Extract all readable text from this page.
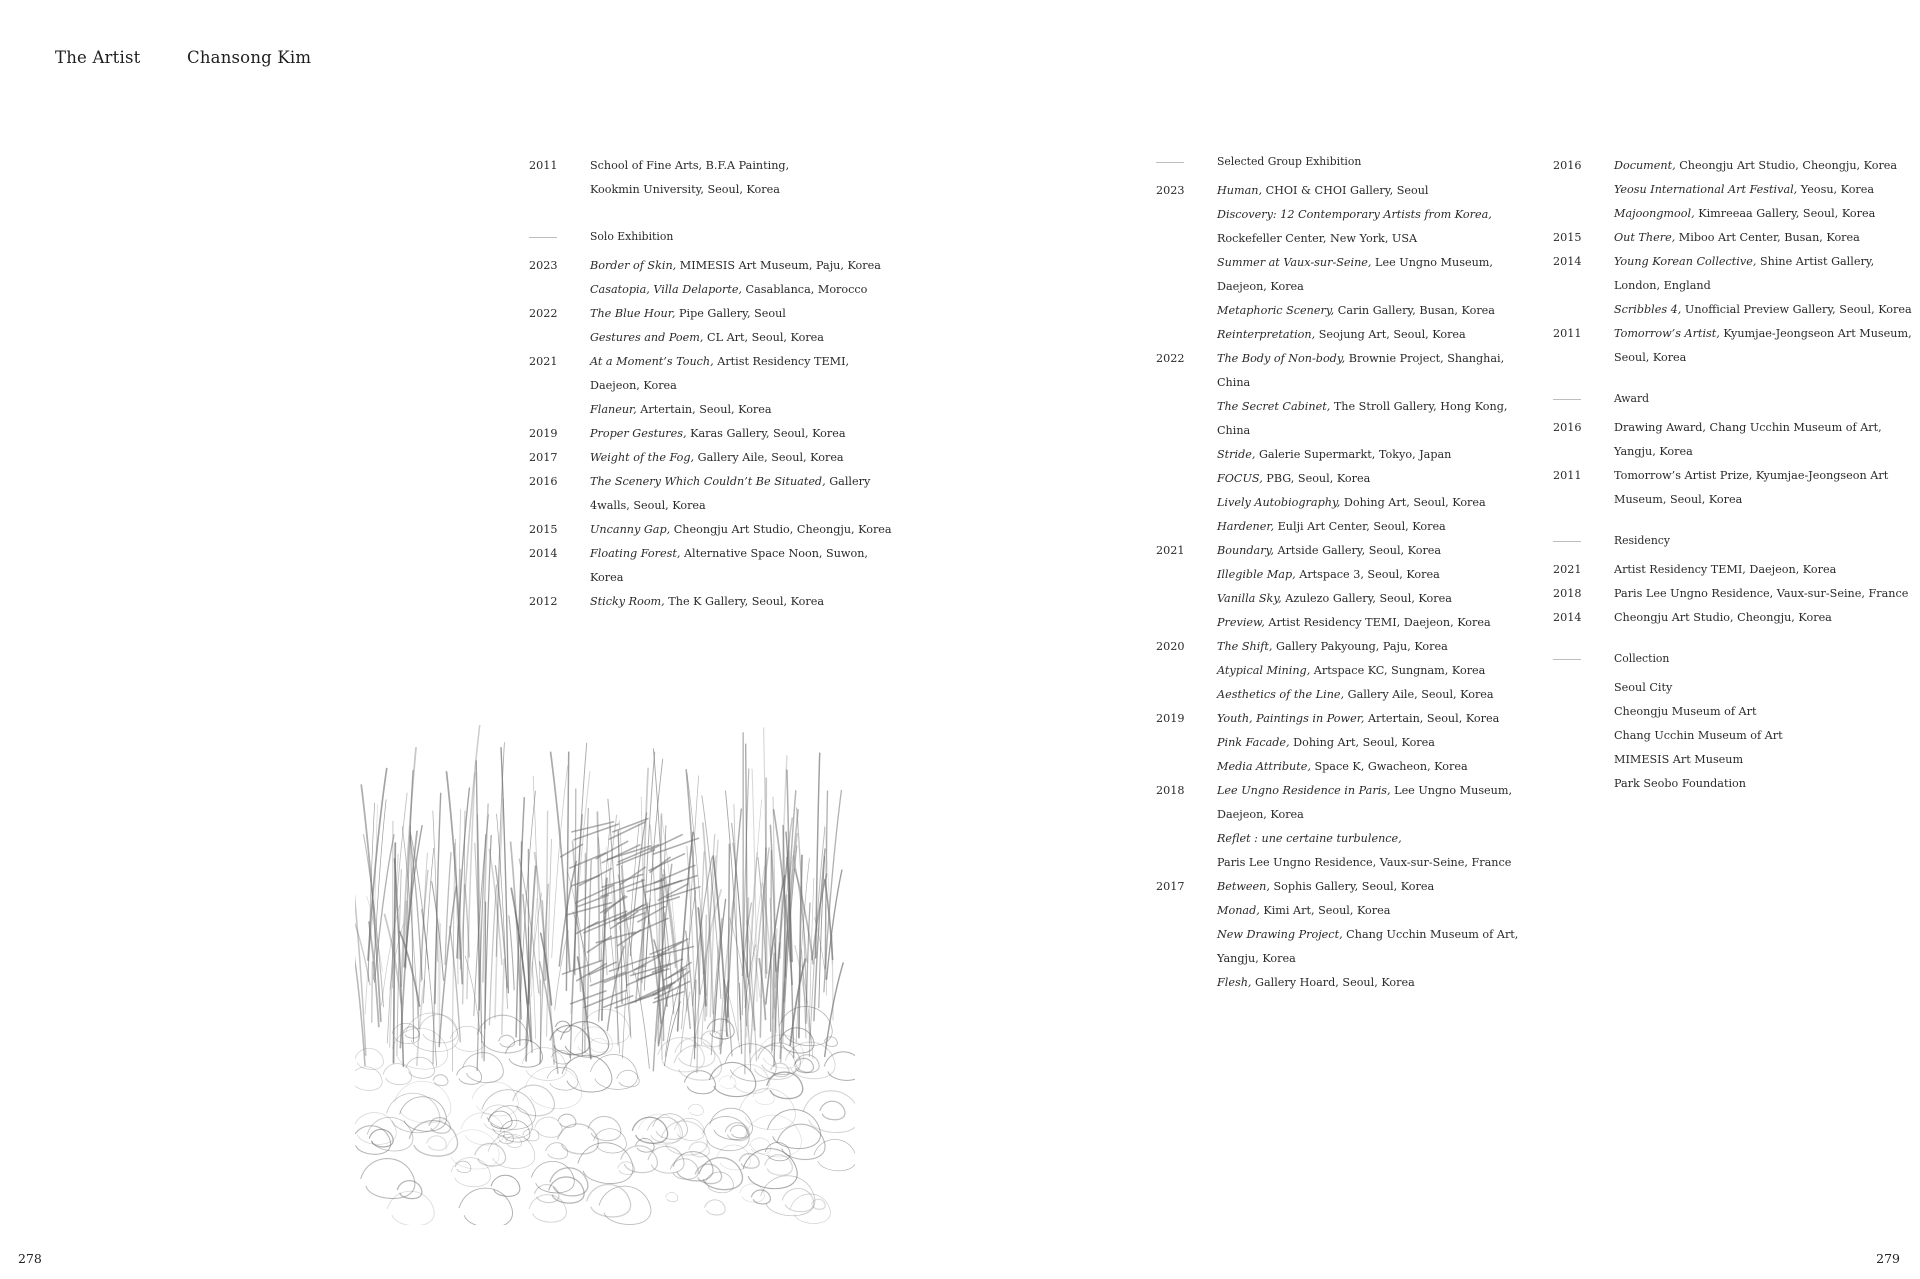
The Artist	Chansong Kim
2011	School of Fine Arts, B.F.A Painting,
Kookmin University, Seoul, Korea
Solo Exhibition
2023	Border of Skin, MIMESIS Art Museum, Paju, Korea
Casatopia, Villa Delaporte, Casablanca, Morocco
2022	The Blue Hour, Pipe Gallery, Seoul
Gestures and Poem, CL Art, Seoul, Korea
2021	At a Moment’s Touch, Artist Residency TEMI,
Daejeon, Korea
Flaneur, Artertain, Seoul, Korea
2019	Proper Gestures, Karas Gallery, Seoul, Korea
2017	Weight of the Fog, Gallery Aile, Seoul, Korea
2016	The Scenery Which Couldn’t Be Situated, Gallery
4walls, Seoul, Korea
2015	Uncanny Gap, Cheongju Art Studio, Cheongju, Korea
2014	Floating Forest, Alternative Space Noon, Suwon,
Korea
2012	Sticky Room, The K Gallery, Seoul, Korea
Selected Group Exhibition
2023	Human, CHOI & CHOI Gallery, Seoul
Discovery: 12 Contemporary Artists from Korea,
Rockefeller Center, New York, USA
Summer at Vaux-sur-Seine, Lee Ungno Museum,
Daejeon, Korea
Metaphoric Scenery, Carin Gallery, Busan, Korea
Reinterpretation, Seojung Art, Seoul, Korea
2022	The Body of Non-body, Brownie Project, Shanghai,
China
The Secret Cabinet, The Stroll Gallery, Hong Kong,
China
Stride, Galerie Supermarkt, Tokyo, Japan
FOCUS, PBG, Seoul, Korea
Lively Autobiography, Dohing Art, Seoul, Korea
Hardener, Eulji Art Center, Seoul, Korea
2021	Boundary, Artside Gallery, Seoul, Korea
Illegible Map, Artspace 3, Seoul, Korea
Vanilla Sky, Azulezo Gallery, Seoul, Korea
Preview, Artist Residency TEMI, Daejeon, Korea
2020	The Shift, Gallery Pakyoung, Paju, Korea
Atypical Mining, Artspace KC, Sungnam, Korea
Aesthetics of the Line, Gallery Aile, Seoul, Korea
2019	Youth, Paintings in Power, Artertain, Seoul, Korea
Pink Facade, Dohing Art, Seoul, Korea
Media Attribute, Space K, Gwacheon, Korea
2018	Lee Ungno Residence in Paris, Lee Ungno Museum,
Daejeon, Korea
Reflet : une certaine turbulence,
Paris Lee Ungno Residence, Vaux-sur-Seine, France
2017	Between, Sophis Gallery, Seoul, Korea
Monad, Kimi Art, Seoul, Korea
New Drawing Project, Chang Ucchin Museum of Art,
Yangju, Korea
Flesh, Gallery Hoard, Seoul, Korea
2016	Document, Cheongju Art Studio, Cheongju, Korea
Yeosu International Art Festival, Yeosu, Korea
Majoongmool, Kimreeaa Gallery, Seoul, Korea
2015	Out There, Miboo Art Center, Busan, Korea
2014	Young Korean Collective, Shine Artist Gallery,
London, England
Scribbles 4, Unofficial Preview Gallery, Seoul, Korea
2011	Tomorrow’s Artist, Kyumjae-Jeongseon Art Museum,
Seoul, Korea
Award
2016	Drawing Award, Chang Ucchin Museum of Art,
Yangju, Korea
2011	Tomorrow’s Artist Prize, Kyumjae-Jeongseon Art
Museum, Seoul, Korea
Residency
2021	Artist Residency TEMI, Daejeon, Korea
2018	Paris Lee Ungno Residence, Vaux-sur-Seine, France
2014	Cheongju Art Studio, Cheongju, Korea
Collection
Seoul City
Cheongju Museum of Art
Chang Ucchin Museum of Art
MIMESIS Art Museum
Park Seobo Foundation
278	279
